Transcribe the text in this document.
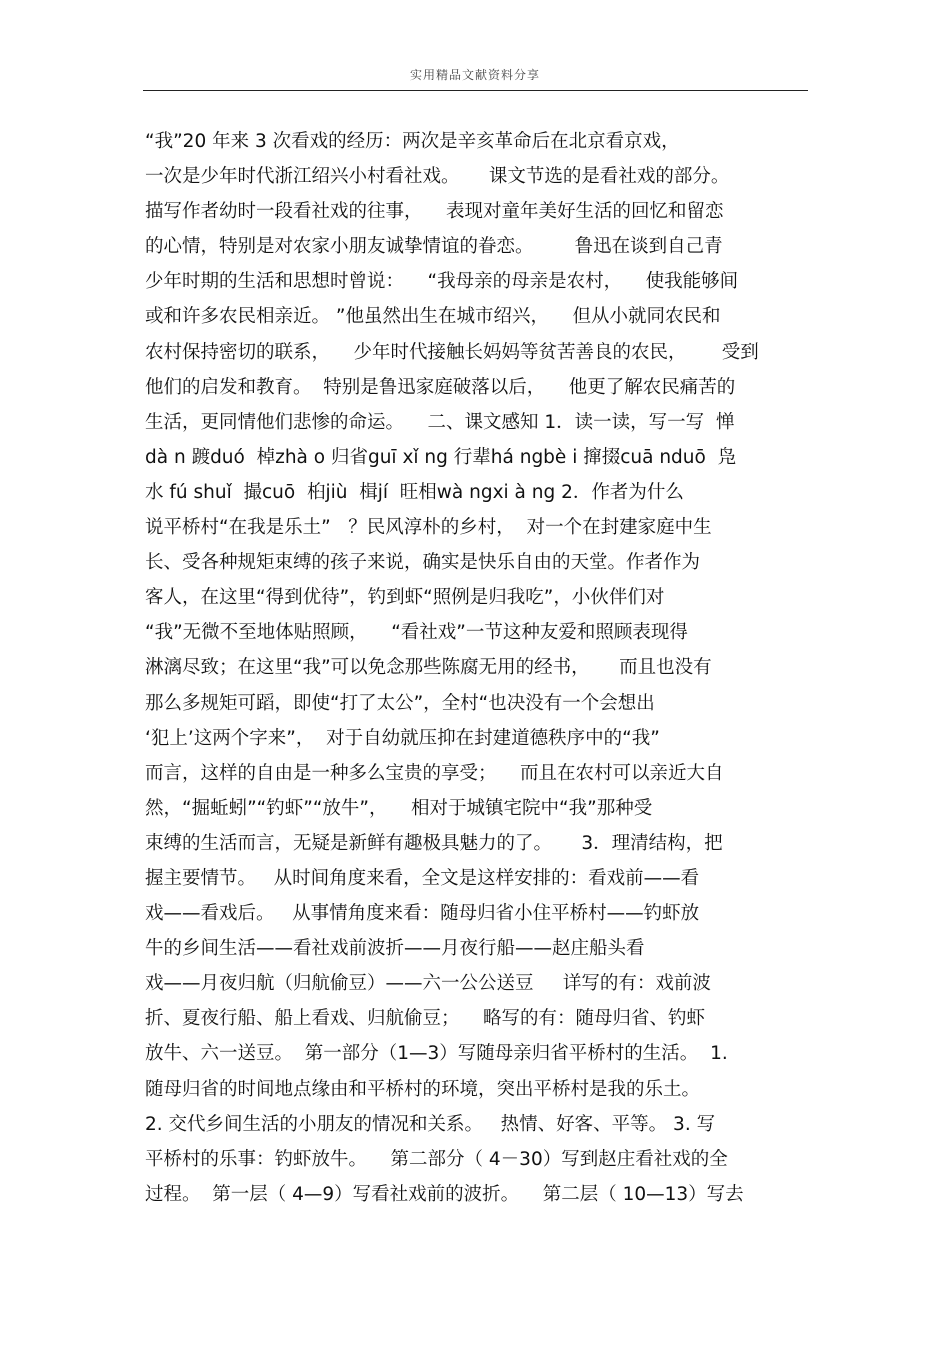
实用精品文献资料分享
“我”20 年来 3 次看戏的经历：两次是辛亥革命后在北京看京戏，
一次是少年时代浙江绍兴小村看社戏。     课文节选的是看社戏的部分。
描写作者幼时一段看社戏的往事，    表现对童年美好生活的回忆和留恋
的心情，特别是对农家小朋友诚挚情谊的眷恋。       鲁迅在谈到自己青
少年时期的生活和思想时曾说：    “我母亲的母亲是农村，    使我能够间
或和许多农民相亲近。 ”他虽然出生在城市绍兴，    但从小就同农民和
农村保持密切的联系，    少年时代接触长妈妈等贫苦善良的农民，      受到
他们的启发和教育。  特别是鲁迅家庭破落以后，    他更了解农民痛苦的
生活，更同情他们悲惨的命运。    二、课文感知 1．读一读，写一写  惮
dà n 踱duó  棹zhà o 归省guī xǐ ng 行辈há ngbè i 撺掇cuā nduō  凫
水 fú shuǐ  撮cuō  桕jiù  楫jí  旺相wà ngxi à ng 2．作者为什么
说平桥村“在我是乐土”   ？民风淳朴的乡村，  对一个在封建家庭中生
长、受各种规矩束缚的孩子来说，确实是快乐自由的天堂。作者作为
客人，在这里“得到优待”，钓到虾“照例是归我吃”，小伙伴们对
“我”无微不至地体贴照顾，    “看社戏”一节这种友爱和照顾表现得
淋漓尽致；在这里“我”可以免念那些陈腐无用的经书，     而且也没有
那么多规矩可蹈，即使“打了太公”，全村“也决没有一个会想出
‘犯上’这两个字来”，  对于自幼就压抑在封建道德秩序中的“我”
而言，这样的自由是一种多么宝贵的享受；    而且在农村可以亲近大自
然，“掘蚯蚓”“钓虾”“放牛”，    相对于城镇宅院中“我”那种受
束缚的生活而言，无疑是新鲜有趣极具魅力的了。     3．理清结构，把
握主要情节。   从时间角度来看，全文是这样安排的：看戏前——看
戏——看戏后。   从事情角度来看：随母归省小住平桥村——钓虾放
牛的乡间生活——看社戏前波折——月夜行船——赵庄船头看
戏——月夜归航（归航偷豆）——六一公公送豆     详写的有：戏前波
折、夏夜行船、船上看戏、归航偷豆；    略写的有：随母归省、钓虾
放牛、六一送豆。  第一部分（1—3）写随母亲归省平桥村的生活。  1.
随母归省的时间地点缘由和平桥村的环境，突出平桥村是我的乐土。
2. 交代乡间生活的小朋友的情况和关系。   热情、好客、平等。 3. 写
平桥村的乐事：钓虾放牛。    第二部分（ 4－30）写到赵庄看社戏的全
过程。  第一层（ 4—9）写看社戏前的波折。    第二层（ 10—13）写去
